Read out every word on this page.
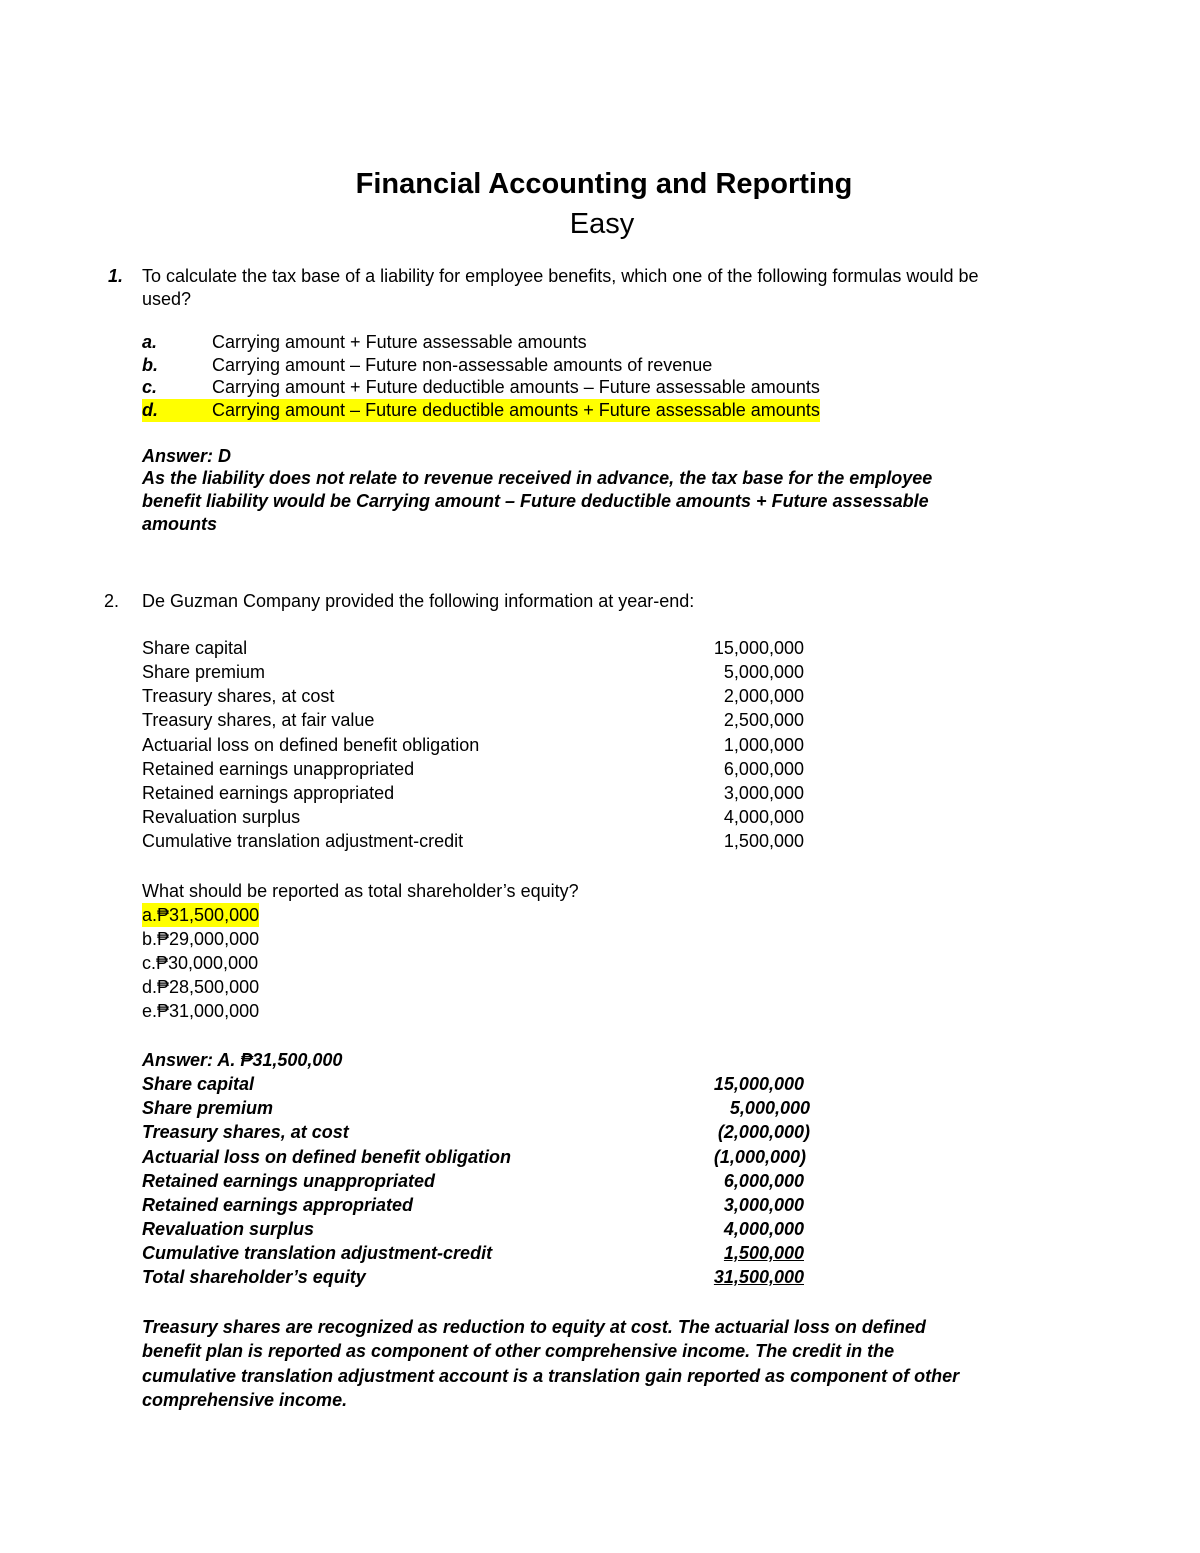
Financial Accounting and Reporting
Easy
1. To calculate the tax base of a liability for employee benefits, which one of the following formulas would be
used?
a.	Carrying amount + Future assessable amounts
b.	Carrying amount – Future non-assessable amounts of revenue
c.	Carrying amount + Future deductible amounts – Future assessable amounts
d.	Carrying amount – Future deductible amounts + Future assessable amounts
Answer: D
As the liability does not relate to revenue received in advance, the tax base for the employee
benefit liability would be Carrying amount – Future deductible amounts + Future assessable
amounts
2. De Guzman Company provided the following information at year-end:
Share capital	15,000,000
Share premium	5,000,000
Treasury shares, at cost	2,000,000
Treasury shares, at fair value	2,500,000
Actuarial loss on defined benefit obligation	1,000,000
Retained earnings unappropriated	6,000,000
Retained earnings appropriated	3,000,000
Revaluation surplus	4,000,000
Cumulative translation adjustment-credit	1,500,000
What should be reported as total shareholder’s equity?
a.₱31,500,000
b.₱29,000,000
c.₱30,000,000
d.₱28,500,000
e.₱31,000,000
Answer: A. ₱31,500,000
Share capital	15,000,000
Share premium	5,000,000
Treasury shares, at cost	(2,000,000)
Actuarial loss on defined benefit obligation	(1,000,000)
Retained earnings unappropriated	6,000,000
Retained earnings appropriated	3,000,000
Revaluation surplus	4,000,000
Cumulative translation adjustment-credit	1,500,000
Total shareholder’s equity	31,500,000
Treasury shares are recognized as reduction to equity at cost. The actuarial loss on defined
benefit plan is reported as component of other comprehensive income. The credit in the
cumulative translation adjustment account is a translation gain reported as component of other
comprehensive income.
